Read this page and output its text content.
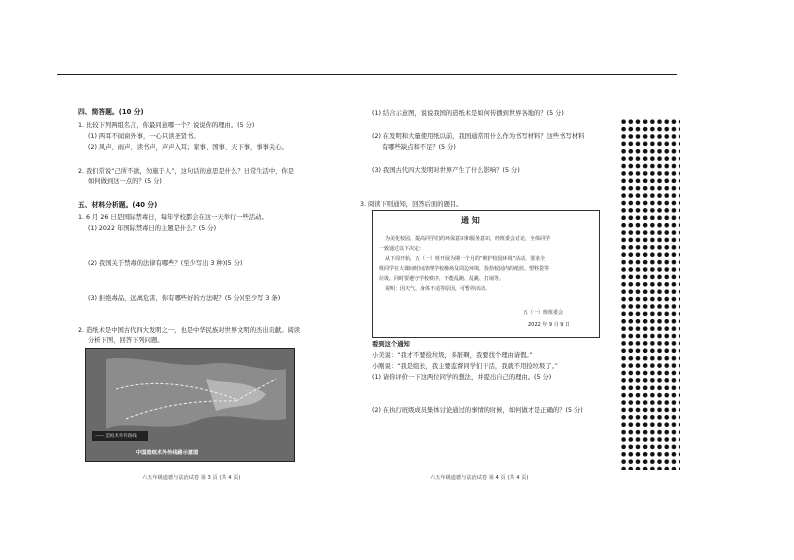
四、简答题。(10 分)
1. 比较下列两组名言，你最同意哪一个？说说你的理由。(5 分)
(1) 两耳不闻窗外事，一心只读圣贤书。
(2) 风声、雨声、读书声，声声入耳；家事、国事、天下事，事事关心。
2. 我们常说“己所不欲，勿施于人”，这句话的意思是什么？日常生活中，你是
如何做到这一点的？(5 分)
五、材料分析题。(40 分)
1. 6 月 26 日是国际禁毒日，每年学校都会在这一天举行一些活动。
(1) 2022 年国际禁毒日的主题是什么？(5 分)
(2) 我国关于禁毒的法律有哪些？(至少写出 3 种)(5 分)
(3) 拒绝毒品，远离危害，你有哪些好的方法呢？(5 分)(至少写 3 条)
2. 造纸术是中国古代四大发明之一，也是中华民族对世界文明的杰出贡献。阅读
分析下图，回答下列问题。
—— 造纸术外传路线
中国造纸术外传线路示意图
六五年级道德与法治试卷 第 3 页 (共 4 页)
(1) 结合示意图，说说我国的造纸术是如何传播到世界各地的？(5 分)
(2) 在发明和大量使用纸以前，我国通常用什么作为书写材料？这些书写材料
有哪些缺点和不足？(5 分)
(3) 我国古代四大发明对世界产生了什么影响？(5 分)
3. 阅读下则通知，回答后面的题目。
通 知
为美化校园，提高同学们的环保意识和服务意识，经班委会讨论，全体同学
一致通过以下决定：
从下周开始，五（一）班开展为期一个月的“维护校园环境”活动，要求全
班同学在大课间时间清理学校操场及周边环境，捡拾校园内的纸屑、塑料袋等
垃圾。同时要遵守学校秩序，不能乱跑、乱跳、打闹等。
说明：因天气、身体不适等原因，可暂停活动。
五（一）班班委会
2022 年 9 月 9 日
看到这个通知
小美说：“我才不要捡垃圾，多脏啊，我要找个理由请假。”
小刚说：“我是组长，我主要监督同学们干活，我就不用捡垃圾了。”
(1) 请你评价一下这两位同学的想法，并提出自己的理由。(5 分)
(2) 在执行班级成员集体讨论通过的事情的时候，如何做才是正确的？(5 分)
六五年级道德与法治试卷 第 4 页 (共 4 页)
